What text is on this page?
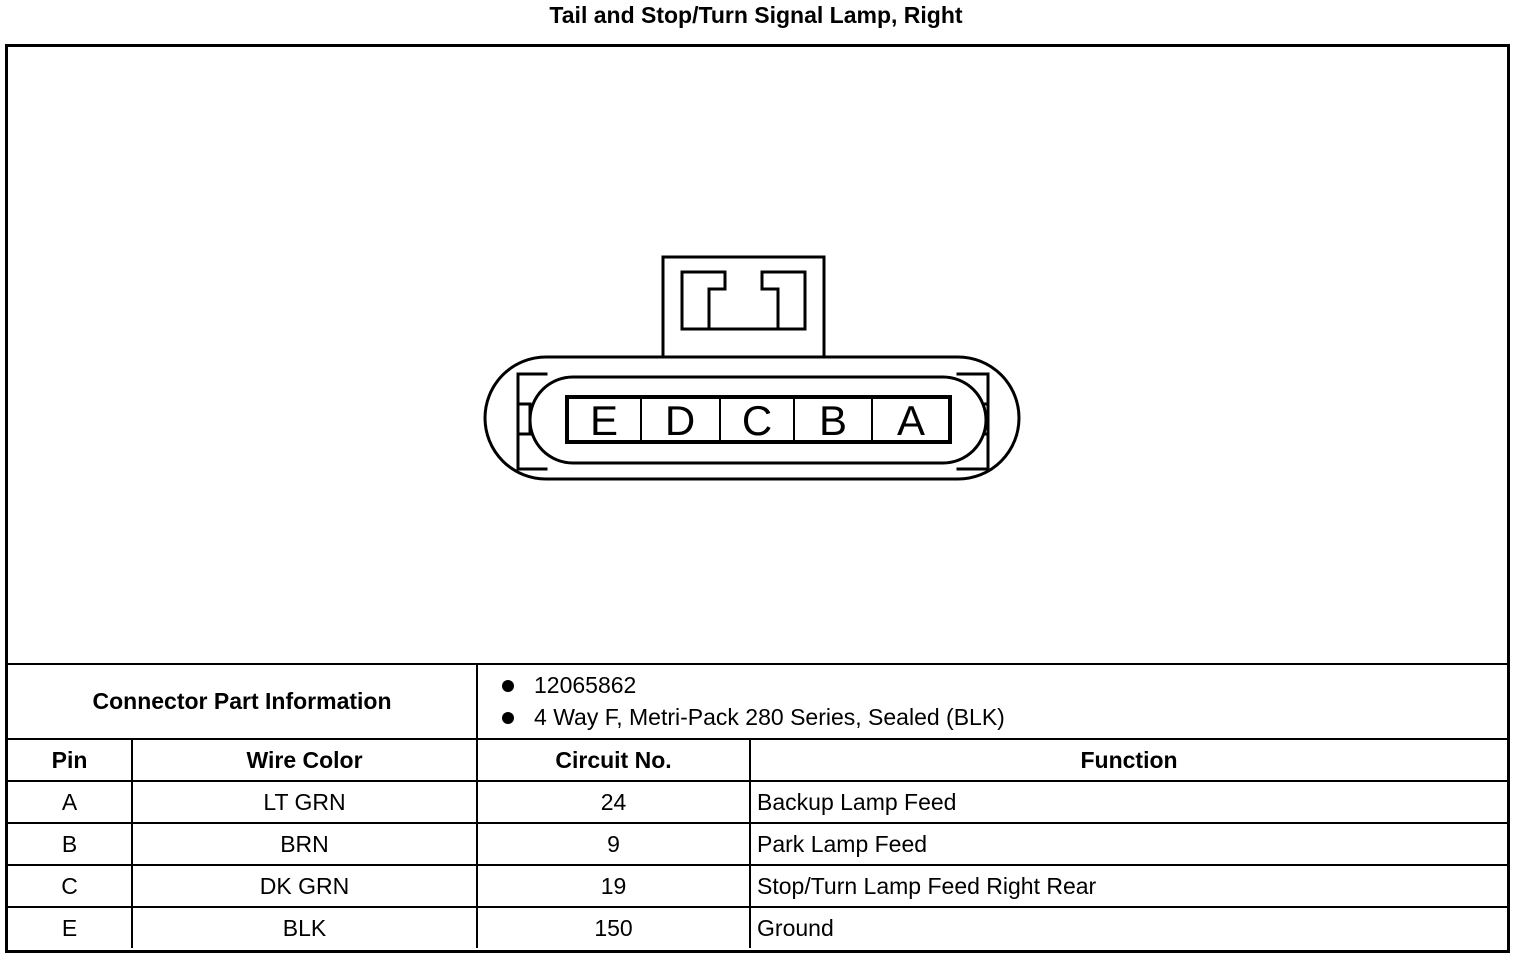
Tail and Stop/Turn Signal Lamp, Right
E D C B A
Connector Part Information		12065862
4 Way F, Metri-Pack 280 Series, Sealed (BLK)	

Pin	Wire Color	Circuit No.	Function
A	LT GRN	24	Backup Lamp Feed
B	BRN	9	Park Lamp Feed
C	DK GRN	19	Stop/Turn Lamp Feed Right Rear
E	BLK	150	Ground
